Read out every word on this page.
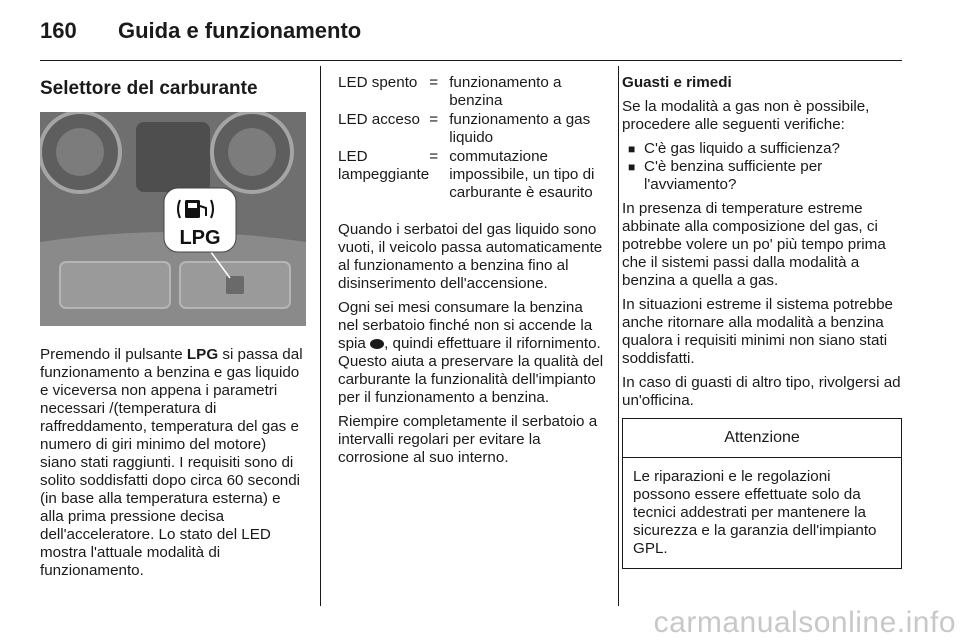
160	Guida e funzionamento
Selettore del carburante
LPG

Premendo il pulsante LPG si passa dal funzionamento a benzina e gas liquido e viceversa non appena i parametri necessari /(temperatura di raffreddamento, temperatura del gas e numero di giri minimo del motore) siano stati raggiunti. I requisiti sono di solito soddisfatti dopo circa 60 secondi (in base alla temperatura esterna) e alla prima pressione decisa dell'acceleratore. Lo stato del LED mostra l'attuale modalità di funzionamento.

LED spento	=	funzionamento a benzina
LED acceso	=	funzionamento a gas liquido
LED lampeggiante	=	commutazione impossibile, un tipo di carburante è esaurito

Quando i serbatoi del gas liquido sono vuoti, il veicolo passa automaticamente al funzionamento a benzina fino al disinserimento dell'accensione.

Ogni sei mesi consumare la benzina nel serbatoio finché non si accende la spia , quindi effettuare il rifornimento. Questo aiuta a preservare la qualità del carburante la funzionalità dell'impianto per il funzionamento a benzina.

Riempire completamente il serbatoio a intervalli regolari per evitare la corrosione al suo interno.

Guasti e rimedi

Se la modalità a gas non è possibile, procedere alle seguenti verifiche:

■ C'è gas liquido a sufficienza?
■ C'è benzina sufficiente per l'avviamento?

In presenza di temperature estreme abbinate alla composizione del gas, ci potrebbe volere un po' più tempo prima che il sistemi passi dalla modalità a benzina a quella a gas.

In situazioni estreme il sistema potrebbe anche ritornare alla modalità a benzina qualora i requisiti minimi non siano stati soddisfatti.

In caso di guasti di altro tipo, rivolgersi ad un'officina.

Attenzione
Le riparazioni e le regolazioni possono essere effettuate solo da tecnici addestrati per mantenere la sicurezza e la garanzia dell'impianto GPL.
carmanualsonline.info
